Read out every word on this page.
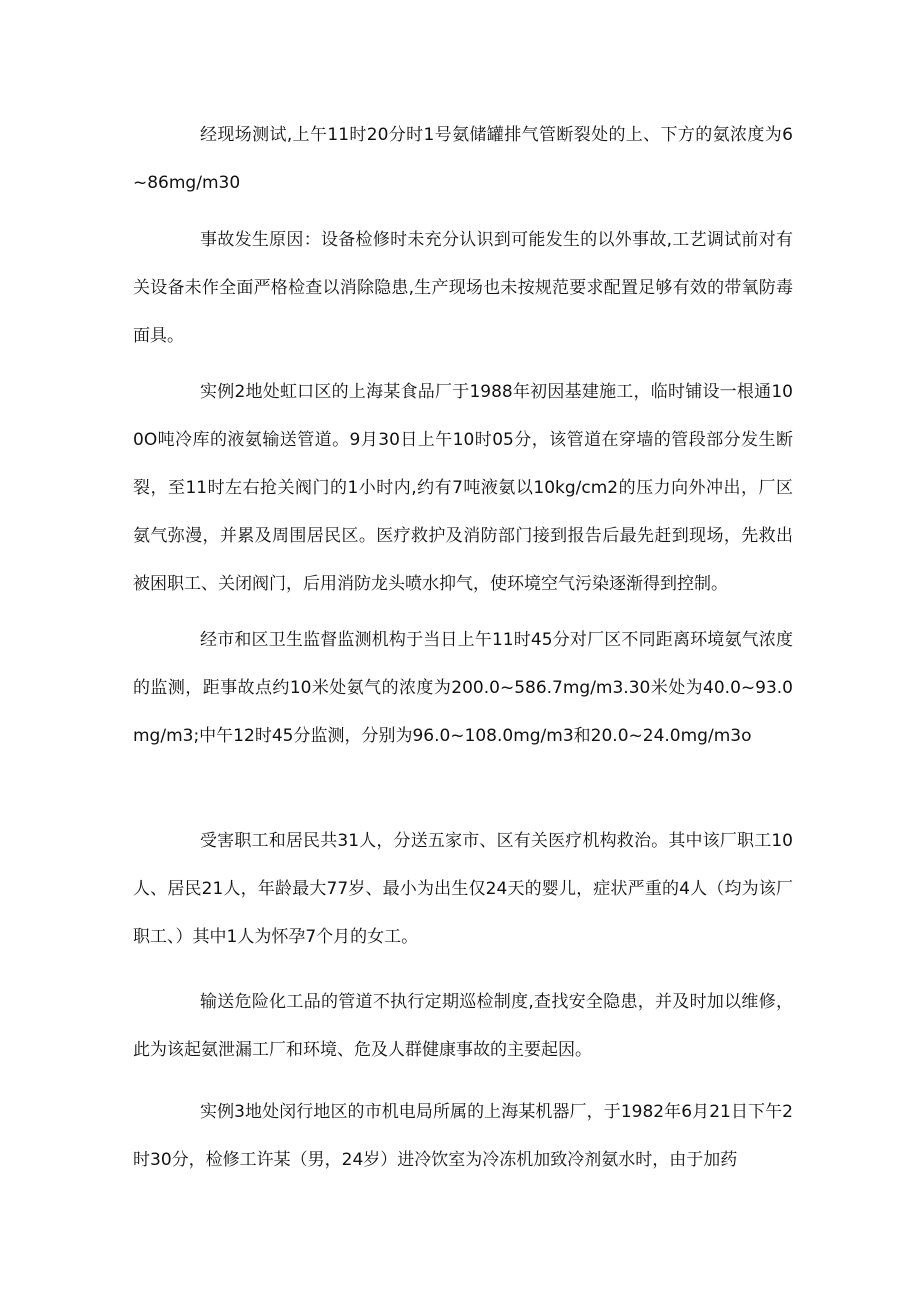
经现场测试,上午11时20分时1号氨储罐排气管断裂处的上、下方的氨浓度为6~86mg∕m30

事故发生原因：设备检修时未充分认识到可能发生的以外事故,工艺调试前对有关设备未作全面严格检查以消除隐患,生产现场也未按规范要求配置足够有效的带氧防毒面具。

实例2地处虹口区的上海某食品厂于1988年初因基建施工，临时铺设一根通100O吨冷库的液氨输送管道。9月30日上午10时05分，该管道在穿墙的管段部分发生断裂，至11时左右抢关阀门的1小时内,约有7吨液氨以10kg∕cm2的压力向外冲出，厂区氨气弥漫，并累及周围居民区。医疗救护及消防部门接到报告后最先赶到现场，先救出被困职工、关闭阀门，后用消防龙头喷水抑气，使环境空气污染逐渐得到控制。

经市和区卫生监督监测机构于当日上午11时45分对厂区不同距离环境氨气浓度的监测，距事故点约10米处氨气的浓度为200.0~586.7mg/m3.30米处为40.0~93.0mg∕m3;中午12时45分监测，分别为96.0~108.0mg∕m3和20.0~24.0mg∕m3o

受害职工和居民共31人，分送五家市、区有关医疗机构救治。其中该厂职工10人、居民21人，年龄最大77岁、最小为出生仅24天的婴儿，症状严重的4人（均为该厂职工、）其中1人为怀孕7个月的女工。

输送危险化工品的管道不执行定期巡检制度,查找安全隐患，并及时加以维修，此为该起氨泄漏工厂和环境、危及人群健康事故的主要起因。

实例3地处闵行地区的市机电局所属的上海某机器厂，于1982年6月21日下午2时30分，检修工许某（男，24岁）进冷饮室为冷冻机加致冷剂氨水时，由于加药
